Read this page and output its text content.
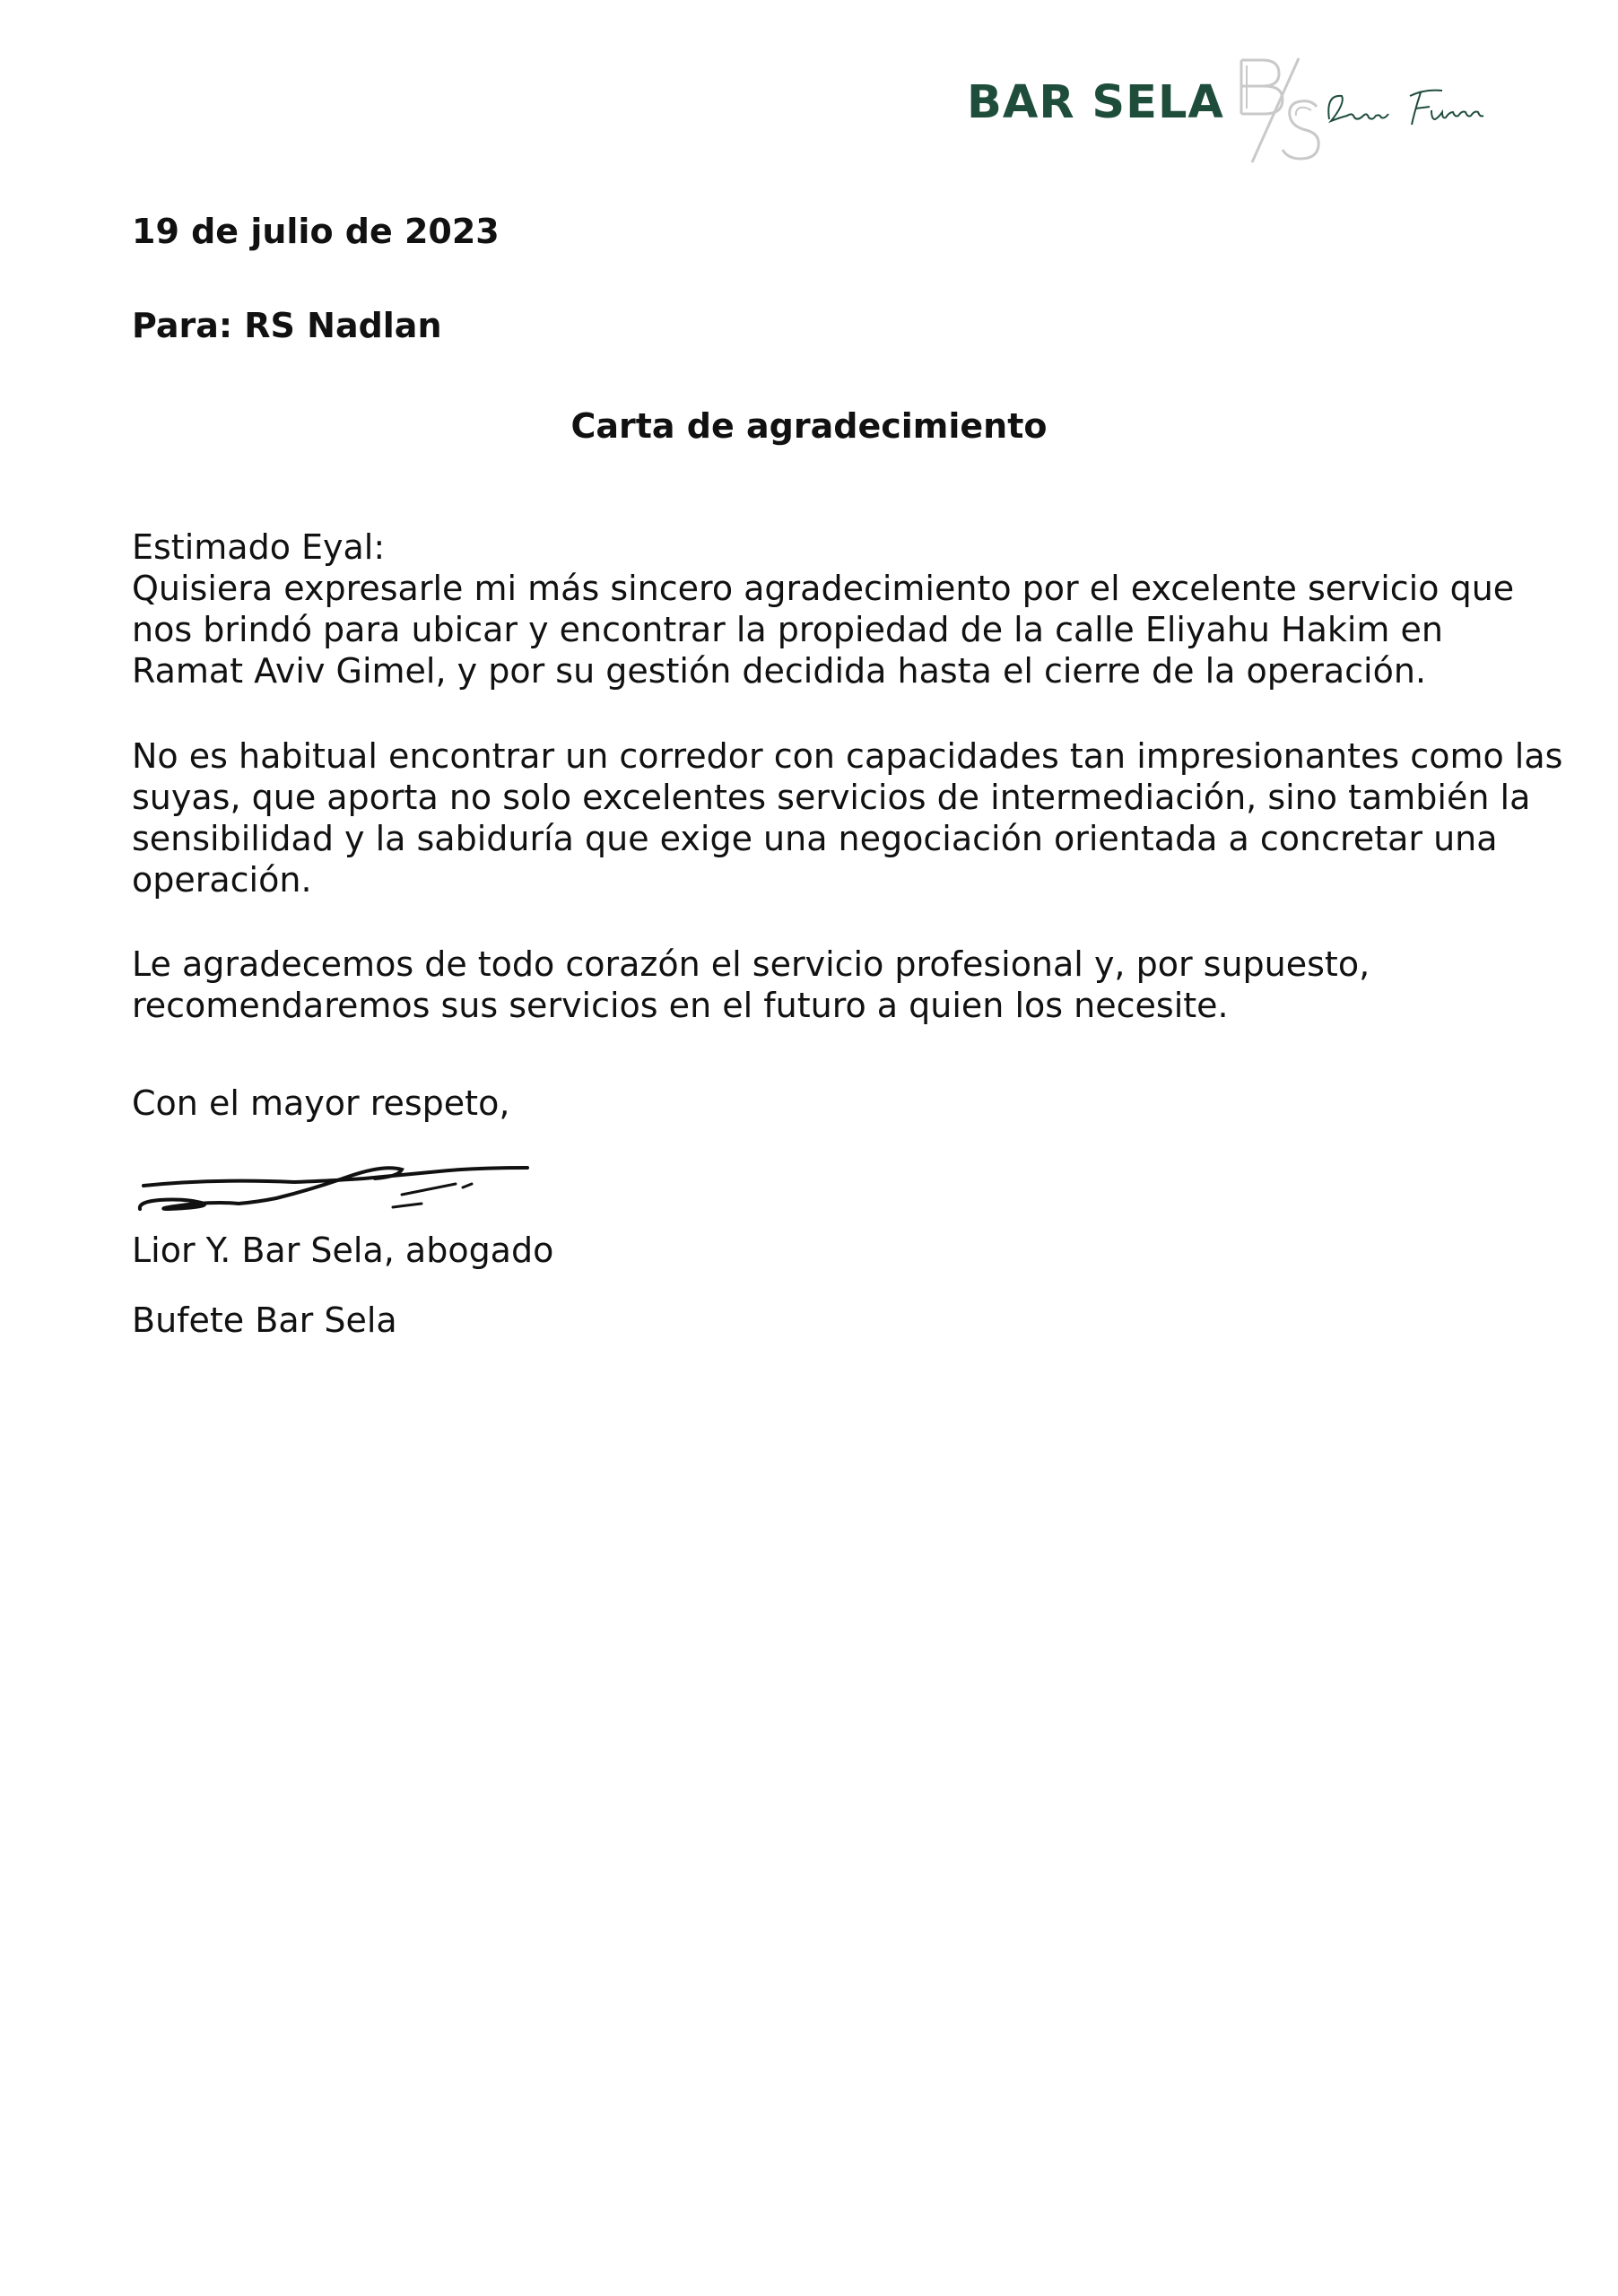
BAR SELA
19 de julio de 2023
Para: RS Nadlan
Carta de agradecimiento
Estimado Eyal:
Quisiera expresarle mi más sincero agradecimiento por el excelente servicio que
nos brindó para ubicar y encontrar la propiedad de la calle Eliyahu Hakim en
Ramat Aviv Gimel, y por su gestión decidida hasta el cierre de la operación.
No es habitual encontrar un corredor con capacidades tan impresionantes como las
suyas, que aporta no solo excelentes servicios de intermediación, sino también la
sensibilidad y la sabiduría que exige una negociación orientada a concretar una
operación.
Le agradecemos de todo corazón el servicio profesional y, por supuesto,
recomendaremos sus servicios en el futuro a quien los necesite.
Con el mayor respeto,
Lior Y. Bar Sela, abogado
Bufete Bar Sela
